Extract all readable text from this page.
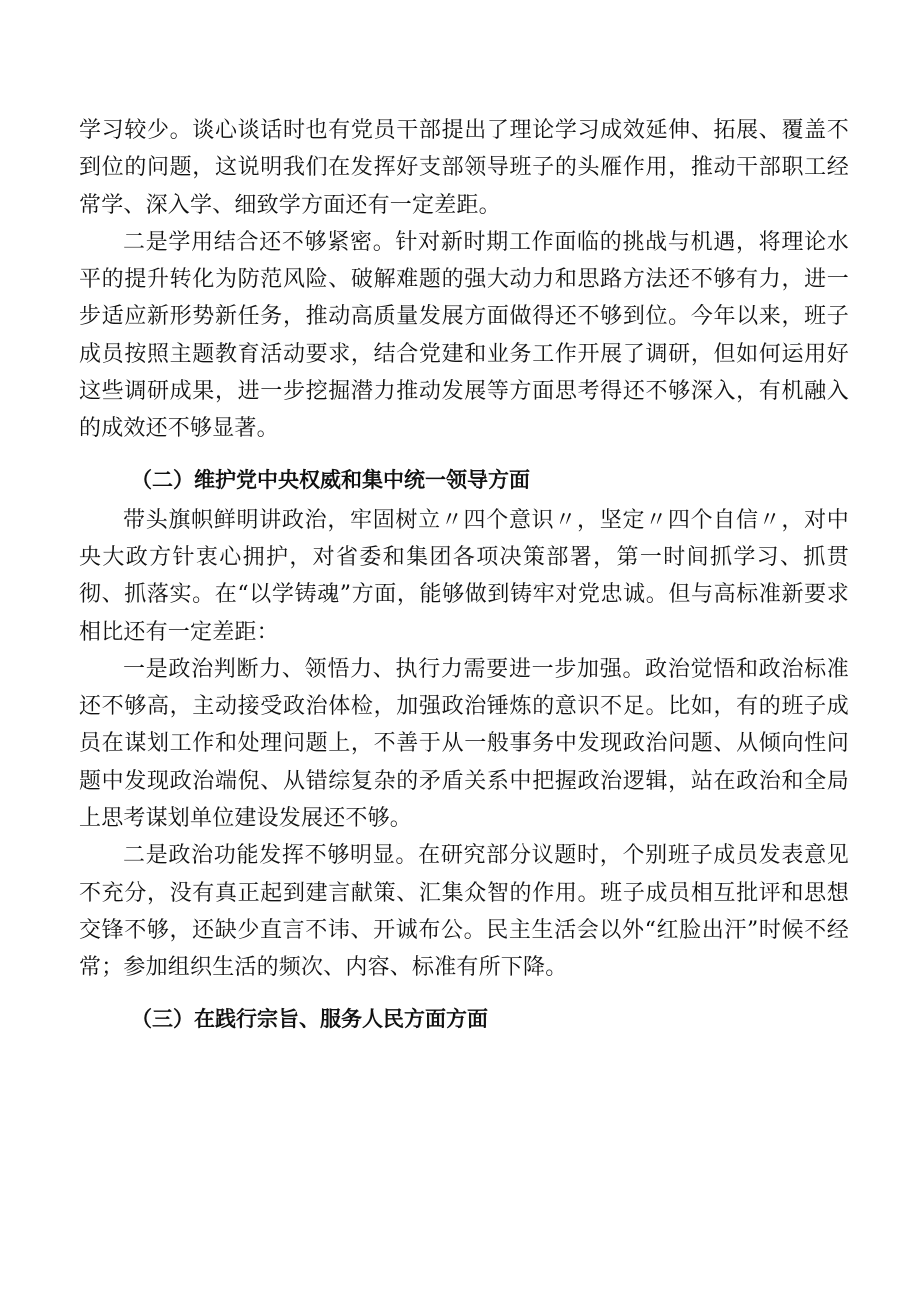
学习较少。谈心谈话时也有党员干部提出了理论学习成效延伸、拓展、覆盖不到位的问题，这说明我们在发挥好支部领导班子的头雁作用，推动干部职工经常学、深入学、细致学方面还有一定差距。

二是学用结合还不够紧密。针对新时期工作面临的挑战与机遇，将理论水平的提升转化为防范风险、破解难题的强大动力和思路方法还不够有力，进一步适应新形势新任务，推动高质量发展方面做得还不够到位。今年以来，班子成员按照主题教育活动要求，结合党建和业务工作开展了调研，但如何运用好这些调研成果，进一步挖掘潜力推动发展等方面思考得还不够深入，有机融入的成效还不够显著。

（二）维护党中央权威和集中统一领导方面

带头旗帜鲜明讲政治，牢固树立〃四个意识〃，坚定〃四个自信〃，对中央大政方针衷心拥护，对省委和集团各项决策部署，第一时间抓学习、抓贯彻、抓落实。在“以学铸魂”方面，能够做到铸牢对党忠诚。但与高标准新要求相比还有一定差距：

一是政治判断力、领悟力、执行力需要进一步加强。政治觉悟和政治标准还不够高，主动接受政治体检，加强政治锤炼的意识不足。比如，有的班子成员在谋划工作和处理问题上，不善于从一般事务中发现政治问题、从倾向性问题中发现政治端倪、从错综复杂的矛盾关系中把握政治逻辑，站在政治和全局上思考谋划单位建设发展还不够。

二是政治功能发挥不够明显。在研究部分议题时，个别班子成员发表意见不充分，没有真正起到建言献策、汇集众智的作用。班子成员相互批评和思想交锋不够，还缺少直言不讳、开诚布公。民主生活会以外“红脸出汗”时候不经常；参加组织生活的频次、内容、标准有所下降。

（三）在践行宗旨、服务人民方面方面
